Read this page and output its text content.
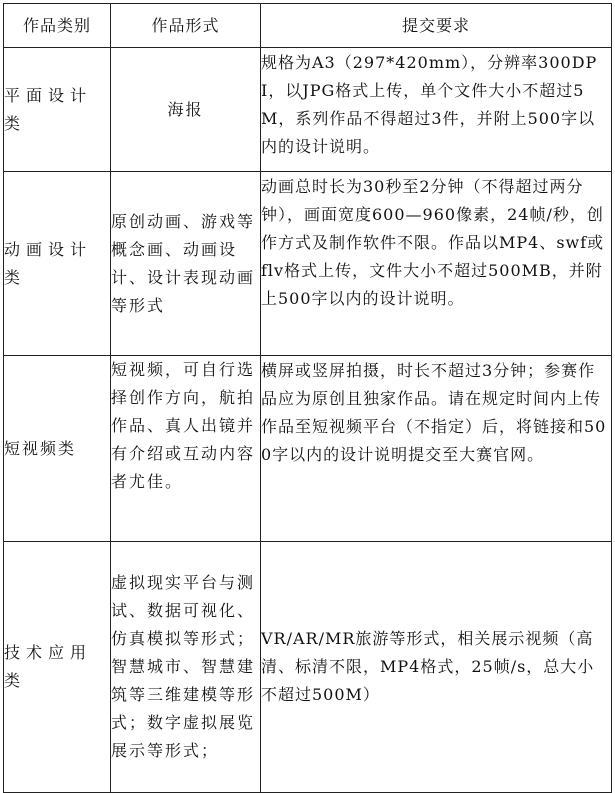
作品类别	作品形式	提交要求
平面设计类	海报	规格为A3（297*420mm），分辨率300DPI，以JPG格式上传，单个文件大小不超过5M，系列作品不得超过3件，并附上500字以内的设计说明。
动画设计类	原创动画、游戏等概念画、动画设计、设计表现动画等形式	动画总时长为30秒至2分钟（不得超过两分钟），画面宽度600—960像素，24帧/秒，创作方式及制作软件不限。作品以MP4、swf或flv格式上传，文件大小不超过500MB，并附上500字以内的设计说明。
短视频类	短视频，可自行选择创作方向，航拍作品、真人出镜并有介绍或互动内容者尤佳。	横屏或竖屏拍摄，时长不超过3分钟；参赛作品应为原创且独家作品。请在规定时间内上传作品至短视频平台（不指定）后，将链接和500字以内的设计说明提交至大赛官网。
技术应用类	虚拟现实平台与测试、数据可视化、仿真模拟等形式；智慧城市、智慧建筑等三维建模等形式；数字虚拟展览展示等形式；	VR/AR/MR旅游等形式，相关展示视频（高清、标清不限，MP4格式，25帧/s，总大小不超过500M）
